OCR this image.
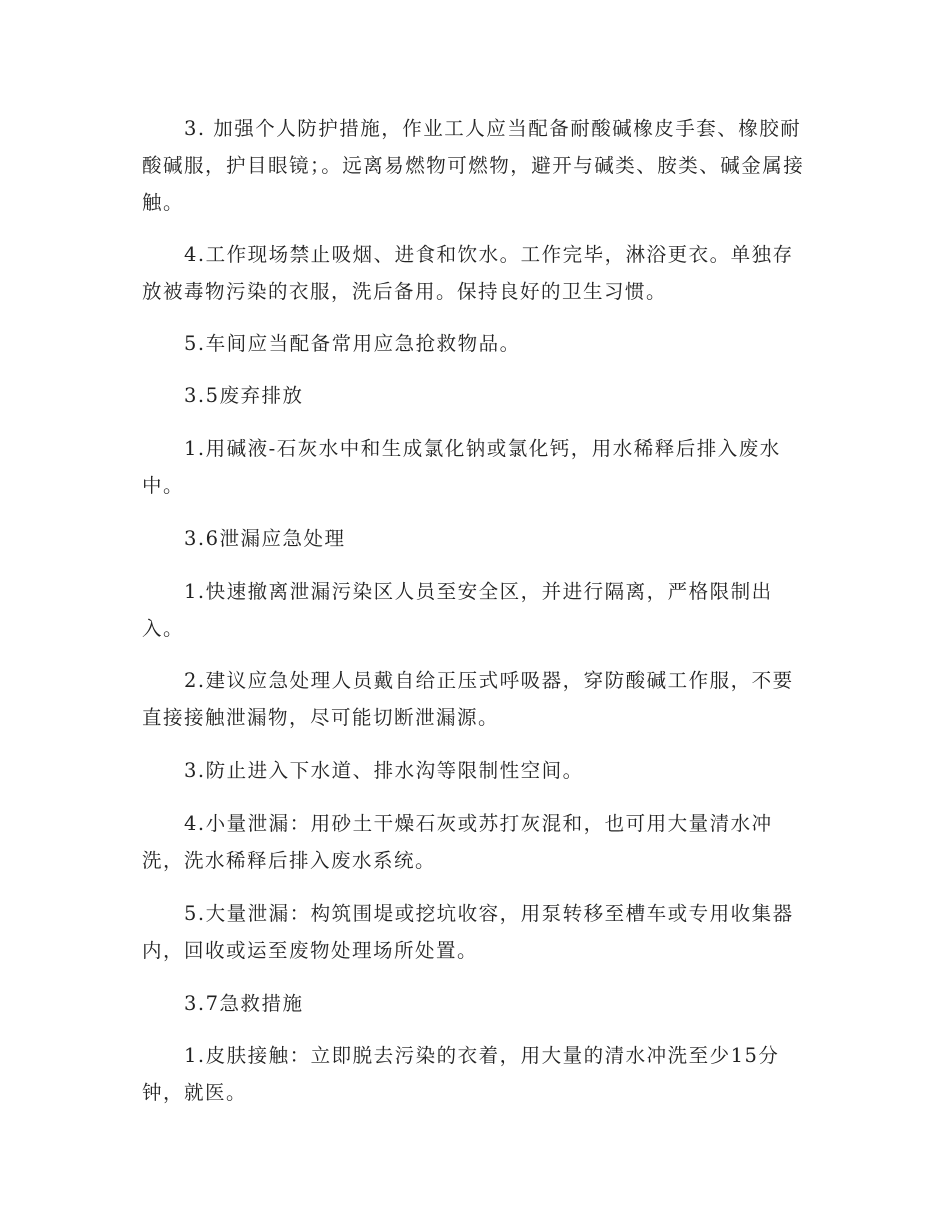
3. 加强个人防护措施，作业工人应当配备耐酸碱橡皮手套、橡胶耐酸碱服，护目眼镜；。远离易燃物可燃物，避开与碱类、胺类、碱金属接触。

4.工作现场禁止吸烟、进食和饮水。工作完毕，淋浴更衣。单独存放被毒物污染的衣服，洗后备用。保持良好的卫生习惯。

5.车间应当配备常用应急抢救物品。

3.5废弃排放

1.用碱液-石灰水中和生成氯化钠或氯化钙，用水稀释后排入废水中。

3.6泄漏应急处理

1.快速撤离泄漏污染区人员至安全区，并进行隔离，严格限制出入。

2.建议应急处理人员戴自给正压式呼吸器，穿防酸碱工作服，不要直接接触泄漏物，尽可能切断泄漏源。

3.防止进入下水道、排水沟等限制性空间。

4.小量泄漏：用砂土干燥石灰或苏打灰混和，也可用大量清水冲洗，洗水稀释后排入废水系统。

5.大量泄漏：构筑围堤或挖坑收容，用泵转移至槽车或专用收集器内，回收或运至废物处理场所处置。

3.7急救措施

1.皮肤接触：立即脱去污染的衣着，用大量的清水冲洗至少15分钟，就医。
